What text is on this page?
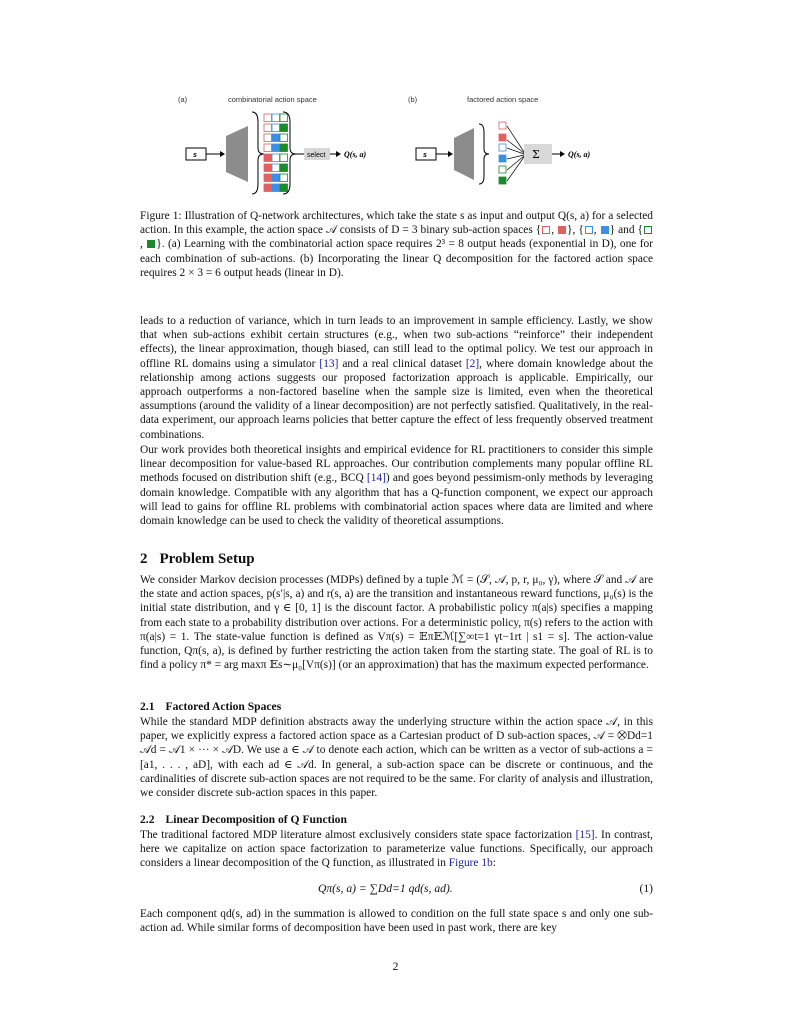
(a)	combinatorial action space	(b)	factored action space
s	select Q(s, a)	s	Σ	Q(s, a)
Figure 1: Illustration of Q-network architectures, which take the state s as input and output Q(s, a) for a selected action. In this example, the action space 𝒜 consists of D = 3 binary sub-action spaces { , }, { , } and {, }. (a) Learning with the combinatorial action space requires 2³ = 8 output heads (exponential in D), one for each combination of sub-actions. (b) Incorporating the linear Q decomposition for the factored action space requires 2 × 3 = 6 output heads (linear in D).

leads to a reduction of variance, which in turn leads to an improvement in sample efficiency. Lastly, we show that when sub-actions exhibit certain structures (e.g., when two sub-actions “reinforce” their independent effects), the linear approximation, though biased, can still lead to the optimal policy. We test our approach in offline RL domains using a simulator [13] and a real clinical dataset [2], where domain knowledge about the relationship among actions suggests our proposed factorization approach is applicable. Empirically, our approach outperforms a non-factored baseline when the sample size is limited, even when the theoretical assumptions (around the validity of a linear decomposition) are not perfectly satisfied. Qualitatively, in the real-data experiment, our approach learns policies that better capture the effect of less frequently observed treatment combinations.

Our work provides both theoretical insights and empirical evidence for RL practitioners to consider this simple linear decomposition for value-based RL approaches. Our contribution complements many popular offline RL methods focused on distribution shift (e.g., BCQ [14]) and goes beyond pessimism-only methods by leveraging domain knowledge. Compatible with any algorithm that has a Q-function component, we expect our approach will lead to gains for offline RL problems with combinatorial action spaces where data are limited and where domain knowledge can be used to check the validity of theoretical assumptions.

2 Problem Setup

We consider Markov decision processes (MDPs) defined by a tuple ℳ = (𝒮, 𝒜, p, r, μ₀, γ), where 𝒮 and 𝒜 are the state and action spaces, p(s′|s, a) and r(s, a) are the transition and instantaneous reward functions, μ₀(s) is the initial state distribution, and γ ∈ [0, 1] is the discount factor. A probabilistic policy π(a|s) specifies a mapping from each state to a probability distribution over actions. For a deterministic policy, π(s) refers to the action with π(a|s) = 1. The state-value function is defined as Vπ(s) = 𝔼π𝔼ℳ[∑∞t=1 γt−1rt | s1 = s]. The action-value function, Qπ(s, a), is defined by further restricting the action taken from the starting state. The goal of RL is to find a policy π* = arg maxπ 𝔼s∼μ₀[Vπ(s)] (or an approximation) that has the maximum expected performance.

2.1 Factored Action Spaces

While the standard MDP definition abstracts away the underlying structure within the action space 𝒜, in this paper, we explicitly express a factored action space as a Cartesian product of D sub-action spaces, 𝒜 = ⨂Dd=1 𝒜d = 𝒜1 × ··· × 𝒜D. We use a ∈ 𝒜 to denote each action, which can be written as a vector of sub-actions a = [a1, . . . , aD], with each ad ∈ 𝒜d. In general, a sub-action space can be discrete or continuous, and the cardinalities of discrete sub-action spaces are not required to be the same. For clarity of analysis and illustration, we consider discrete sub-action spaces in this paper.

2.2 Linear Decomposition of Q Function

The traditional factored MDP literature almost exclusively considers state space factorization [15]. In contrast, here we capitalize on action space factorization to parameterize value functions. Specifically, our approach considers a linear decomposition of the Q function, as illustrated in Figure 1b:

Qπ(s, a) = ∑Dd=1 qd(s, ad).	(1)

Each component qd(s, ad) in the summation is allowed to condition on the full state space s and only one sub-action ad. While similar forms of decomposition have been used in past work, there are key

2
